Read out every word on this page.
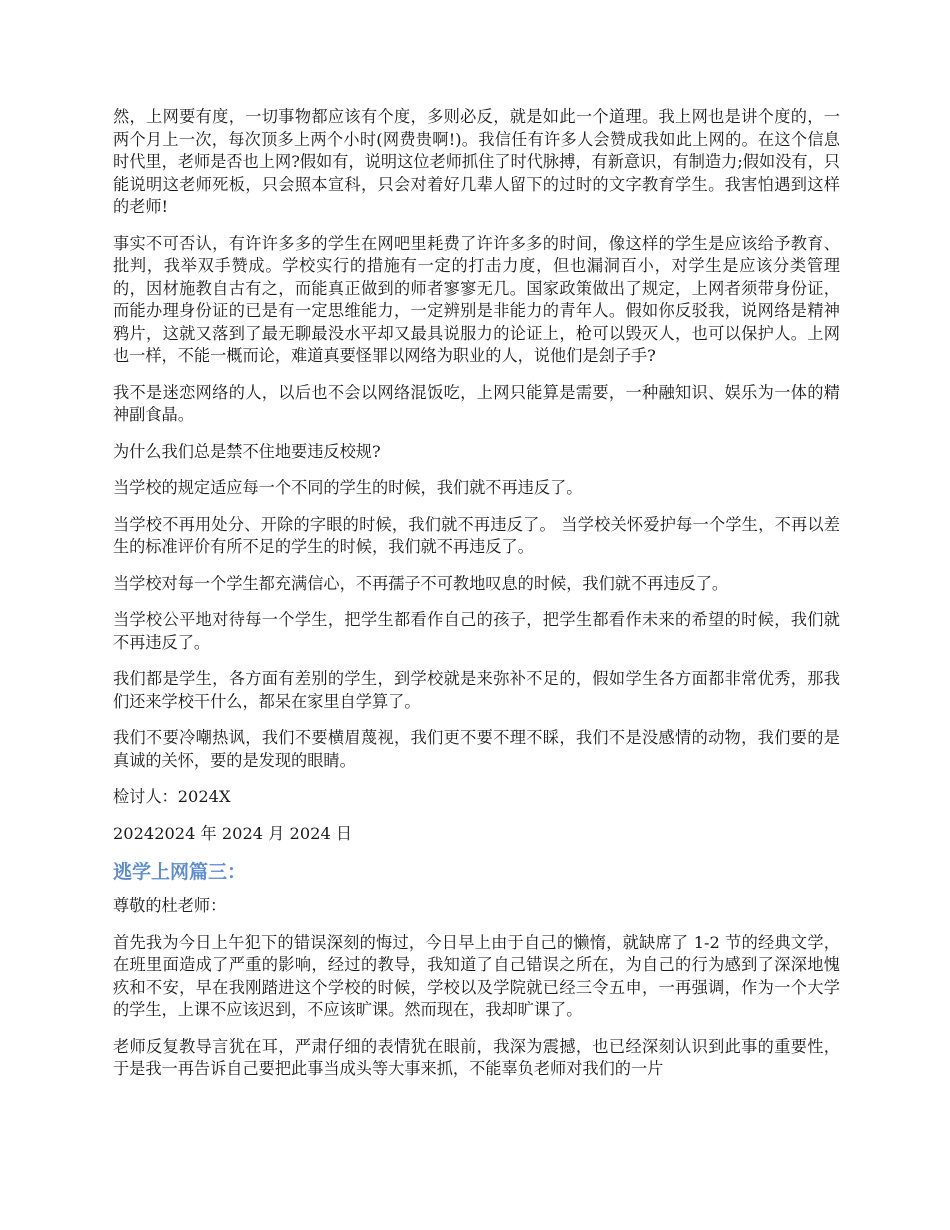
然，上网要有度，一切事物都应该有个度，多则必反，就是如此一个道理。我上网也是讲个度的，一两个月上一次，每次顶多上两个小时(网费贵啊!)。我信任有许多人会赞成我如此上网的。在这个信息时代里，老师是否也上网?假如有，说明这位老师抓住了时代脉搏，有新意识，有制造力;假如没有，只能说明这老师死板，只会照本宣科，只会对着好几辈人留下的过时的文字教育学生。我害怕遇到这样的老师!

事实不可否认，有许许多多的学生在网吧里耗费了许许多多的时间，像这样的学生是应该给予教育、批判，我举双手赞成。学校实行的措施有一定的打击力度，但也漏洞百小，对学生是应该分类管理的，因材施教自古有之，而能真正做到的师者寥寥无几。国家政策做出了规定，上网者须带身份证，而能办理身份证的已是有一定思维能力，一定辨别是非能力的青年人。假如你反驳我，说网络是精神鸦片，这就又落到了最无聊最没水平却又最具说服力的论证上，枪可以毁灭人，也可以保护人。上网也一样，不能一概而论，难道真要怪罪以网络为职业的人，说他们是刽子手?

我不是迷恋网络的人，以后也不会以网络混饭吃，上网只能算是需要，一种融知识、娱乐为一体的精神副食晶。

为什么我们总是禁不住地要违反校规?

当学校的规定适应每一个不同的学生的时候，我们就不再违反了。

当学校不再用处分、开除的字眼的时候，我们就不再违反了。 当学校关怀爱护每一个学生，不再以差生的标准评价有所不足的学生的时候，我们就不再违反了。

当学校对每一个学生都充满信心，不再孺子不可教地叹息的时候，我们就不再违反了。

当学校公平地对待每一个学生，把学生都看作自己的孩子，把学生都看作未来的希望的时候，我们就不再违反了。

我们都是学生，各方面有差别的学生，到学校就是来弥补不足的，假如学生各方面都非常优秀，那我们还来学校干什么，都呆在家里自学算了。

我们不要冷嘲热讽，我们不要横眉蔑视，我们更不要不理不睬，我们不是没感情的动物，我们要的是真诚的关怀，要的是发现的眼睛。

检讨人：2024X

20242024 年 2024 月 2024 日

逃学上网篇三：

尊敬的杜老师：

首先我为今日上午犯下的错误深刻的悔过，今日早上由于自己的懒惰，就缺席了 1-2 节的经典文学，在班里面造成了严重的影响，经过的教导，我知道了自己错误之所在，为自己的行为感到了深深地愧疚和不安，早在我刚踏进这个学校的时候，学校以及学院就已经三令五申，一再强调，作为一个大学的学生，上课不应该迟到，不应该旷课。然而现在，我却旷课了。

老师反复教导言犹在耳，严肃仔细的表情犹在眼前，我深为震撼，也已经深刻认识到此事的重要性，于是我一再告诉自己要把此事当成头等大事来抓，不能辜负老师对我们的一片
